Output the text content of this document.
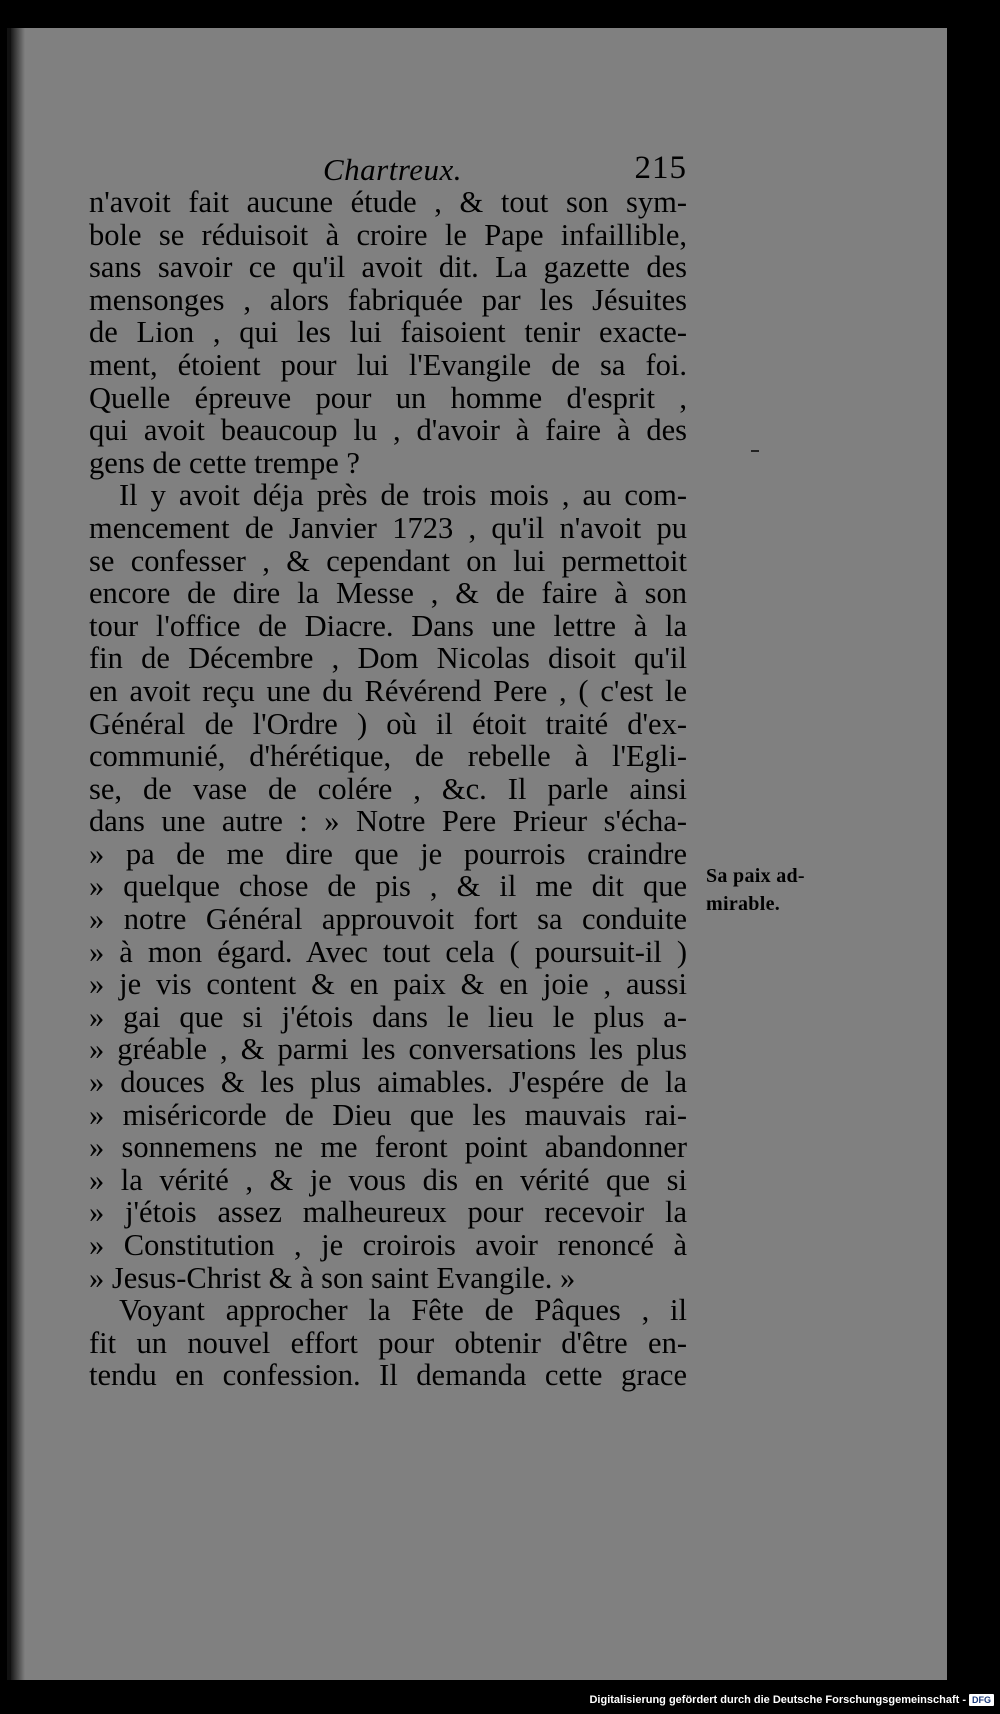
Chartreux.	215
n'avoit fait aucune étude , & tout son sym-
bole se réduisoit à croire le Pape infaillible,
sans savoir ce qu'il avoit dit. La gazette des
mensonges , alors fabriquée par les Jésuites
de Lion , qui les lui faisoient tenir exacte-
ment, étoient pour lui l'Evangile de sa foi.
Quelle épreuve pour un homme d'esprit ,
qui avoit beaucoup lu , d'avoir à faire à des
gens de cette trempe ?
Il y avoit déja près de trois mois , au com-
mencement de Janvier 1723 , qu'il n'avoit pu
se confesser , & cependant on lui permettoit
encore de dire la Messe , & de faire à son
tour l'office de Diacre. Dans une lettre à la
fin de Décembre , Dom Nicolas disoit qu'il
en avoit reçu une du Révérend Pere , ( c'est le
Général de l'Ordre ) où il étoit traité d'ex-
communié, d'hérétique, de rebelle à l'Egli-
se, de vase de colére , &c. Il parle ainsi
dans une autre : » Notre Pere Prieur s'écha-
» pa de me dire que je pourrois craindre
» quelque chose de pis , & il me dit que
» notre Général approuvoit fort sa conduite
» à mon égard. Avec tout cela ( poursuit-il )
» je vis content & en paix & en joie , aussi
» gai que si j'étois dans le lieu le plus a-
» gréable , & parmi les conversations les plus
» douces & les plus aimables. J'espére de la
» miséricorde de Dieu que les mauvais rai-
» sonnemens ne me feront point abandonner
» la vérité , & je vous dis en vérité que si
» j'étois assez malheureux pour recevoir la
» Constitution , je croirois avoir renoncé à
» Jesus-Christ & à son saint Evangile. »
Voyant approcher la Fête de Pâques , il
fit un nouvel effort pour obtenir d'être en-
tendu en confession. Il demanda cette grace
Sa paix ad-
mirable.
Digitalisierung gefördert durch die Deutsche Forschungsgemeinschaft - DFG
